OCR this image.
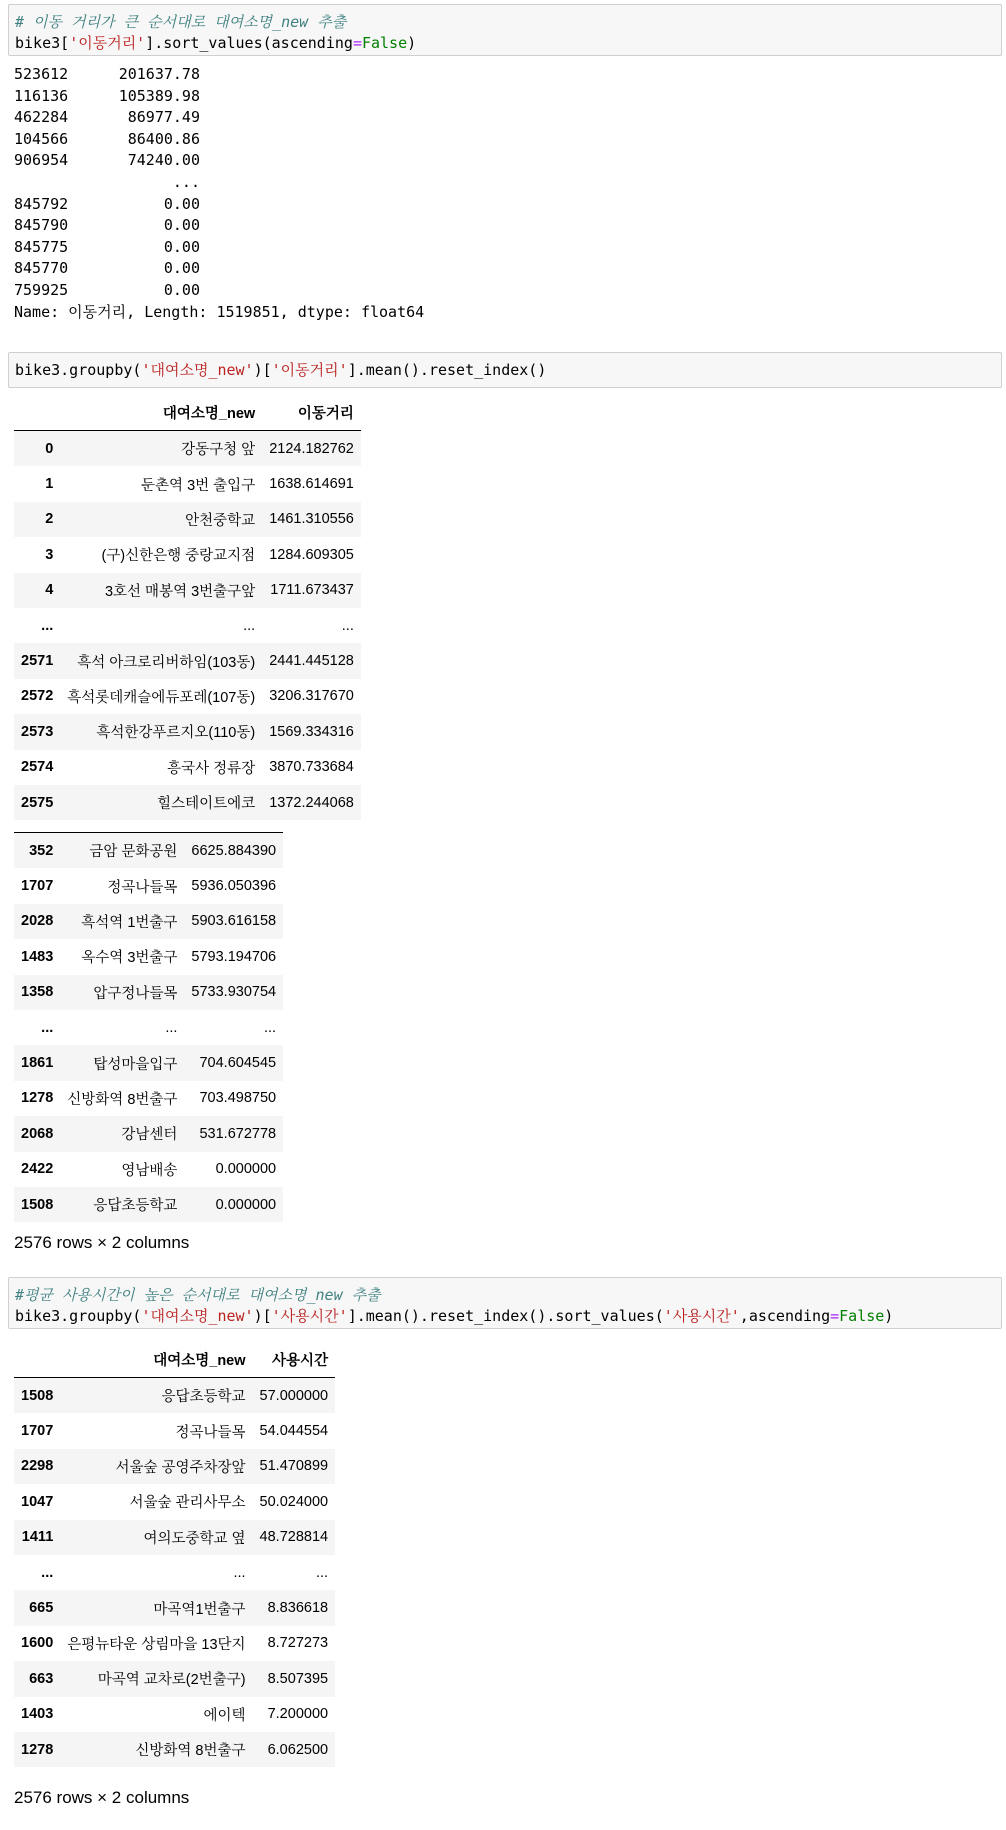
# 이동 거리가 큰 순서대로 대여소명_new 추출
bike3['이동거리'].sort_values(ascending=False)
523612	201637.78
116136	105389.98
462284	86977.49
104566	86400.86
906954	74240.00
...
845792	0.00
845790	0.00
845775	0.00
845770	0.00
759925	0.00
Name: 이동거리, Length: 1519851, dtype: float64
bike3.groupby('대여소명_new')['이동거리'].mean().reset_index()
	대여소명_new	이동거리
0	강동구청 앞	2124.182762
1	둔촌역 3번 출입구	1638.614691
2	안천중학교	1461.310556
3	(구)신한은행 중랑교지점	1284.609305
4	3호선 매봉역 3번출구앞	1711.673437
...	...	...
2571	흑석 아크로리버하임(103동)	2441.445128
2572	흑석롯데캐슬에듀포레(107동)	3206.317670
2573	흑석한강푸르지오(110동)	1569.334316
2574	흥국사 정류장	3870.733684
2575	힐스테이트에코	1372.244068
352	금암 문화공원	6625.884390
1707	정곡나들목	5936.050396
2028	흑석역 1번출구	5903.616158
1483	옥수역 3번출구	5793.194706
1358	압구정나들목	5733.930754
...	...	...
1861	탑성마을입구	704.604545
1278	신방화역 8번출구	703.498750
2068	강남센터	531.672778
2422	영남배송	0.000000
1508	응답초등학교	0.000000
2576 rows × 2 columns
#평균 사용시간이 높은 순서대로 대여소명_new 추출
bike3.groupby('대여소명_new')['사용시간'].mean().reset_index().sort_values('사용시간',ascending=False)
	대여소명_new	사용시간
1508	응답초등학교	57.000000
1707	정곡나들목	54.044554
2298	서울숲 공영주차장앞	51.470899
1047	서울숲 관리사무소	50.024000
1411	여의도중학교 옆	48.728814
...	...	...
665	마곡역1번출구	8.836618
1600	은평뉴타운 상림마을 13단지	8.727273
663	마곡역 교차로(2번출구)	8.507395
1403	에이텍	7.200000
1278	신방화역 8번출구	6.062500
2576 rows × 2 columns
